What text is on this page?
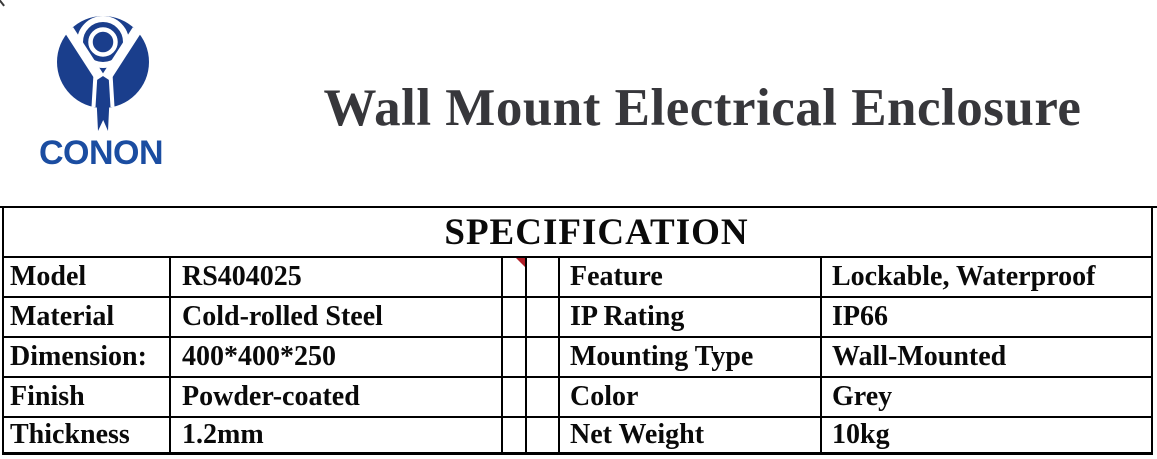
CONON
Wall Mount Electrical Enclosure
SPECIFICATION
Model	RS404025	Feature	Lockable, Waterproof
Material	Cold-rolled Steel	IP Rating	IP66
Dimension:	400*400*250	Mounting Type	Wall-Mounted
Finish	Powder-coated	Color	Grey
Thickness	1.2mm	Net Weight	10kg
